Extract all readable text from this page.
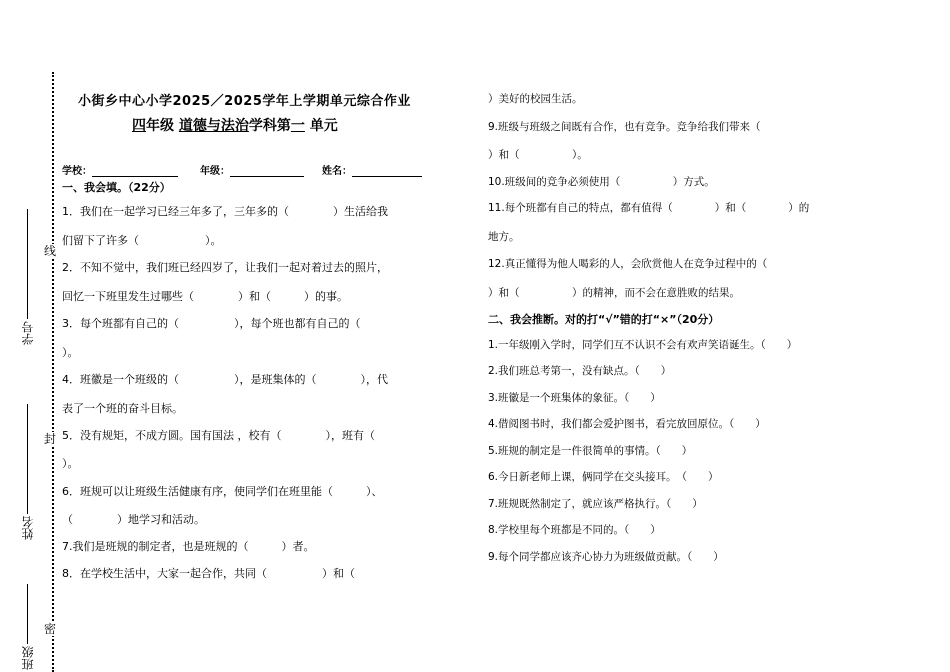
线
封
密
学号
姓名
班级
小街乡中心小学2025／2025学年上学期单元综合作业
四年级 道德与法治学科第一 单元
学校：	年级：	姓名：
一、我会填。（22分）
1．我们在一起学习已经三年多了，三年多的（　　　　）生活给我
们留下了许多（　　　　　　）。
2．不知不觉中，我们班已经四岁了，让我们一起对着过去的照片，
回忆一下班里发生过哪些（　　　　）和（　　　）的事。
3．每个班都有自己的（　　　　　），每个班也都有自己的（
）。
4．班徽是一个班级的（　　　　　），是班集体的（　　　　），代
表了一个班的奋斗目标。
5．没有规矩，不成方圆。国有国法 ，校有（　　　　），班有（
）。
6．班规可以让班级生活健康有序，使同学们在班里能（　　　）、
（　　　　）地学习和活动。
7.我们是班规的制定者，也是班规的（　　　）者。
8．在学校生活中，大家一起合作，共同（　　　　　）和（
）美好的校园生活。
9.班级与班级之间既有合作，也有竞争。竞争给我们带来（
）和（　　　　　）。
10.班级间的竞争必须使用（　　　　　）方式。
11.每个班都有自己的特点，都有值得（　　　　）和（　　　　）的
地方。
12.真正懂得为他人喝彩的人，会欣赏他人在竞争过程中的（
）和（　　　　　）的精神，而不会在意胜败的结果。
二、我会推断。对的打“√”错的打“×”（20分）
1.一年级刚入学时，同学们互不认识不会有欢声笑语诞生。（　　）
2.我们班总考第一，没有缺点。（　　）
3.班徽是一个班集体的象征。（　　）
4.借阅图书时，我们都会爱护图书，看完放回原位。（　　）
5.班规的制定是一件很简单的事情。（　　）
6.今日新老师上课，俩同学在交头接耳。　（　　）
7.班规既然制定了，就应该严格执行。（　　）
8.学校里每个班都是不同的。（　　）
9.每个同学都应该齐心协力为班级做贡献。（　　）
